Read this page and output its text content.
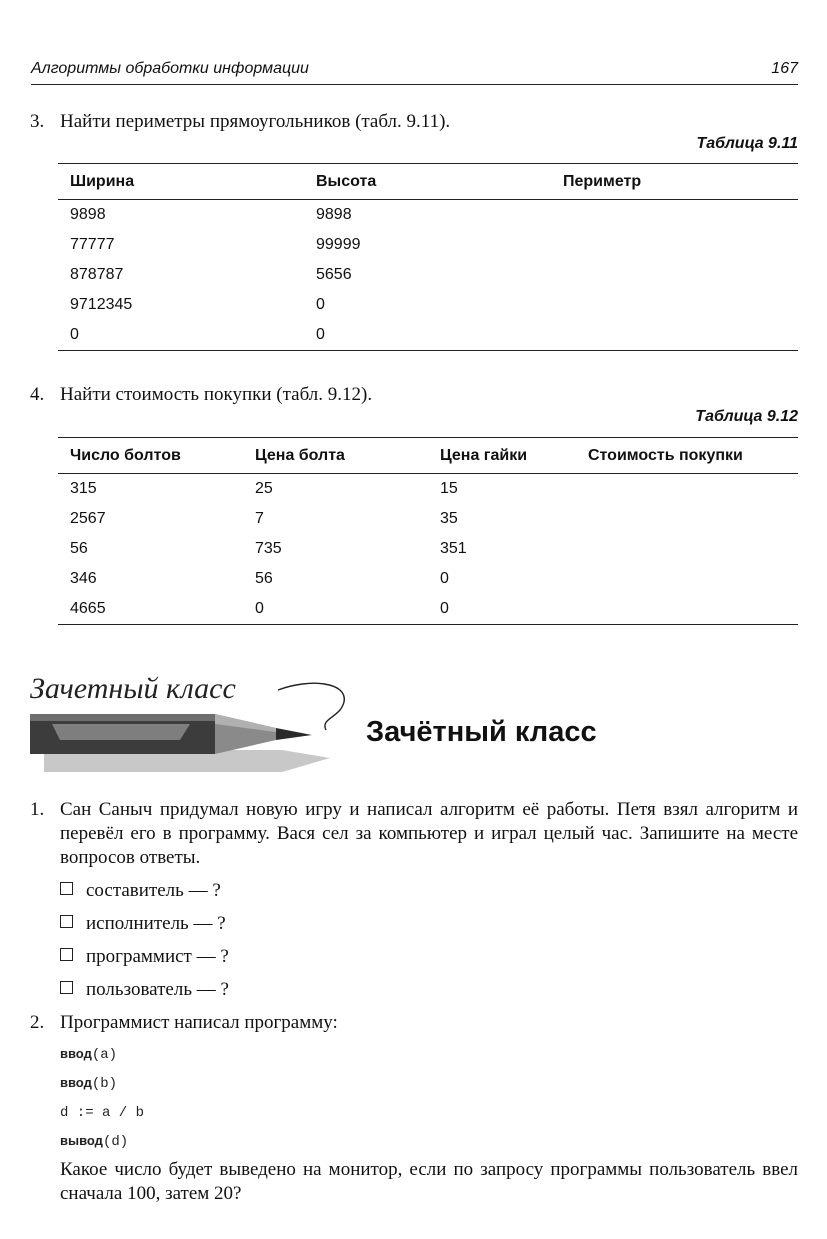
Алгоритмы обработки информации	167
3. Найти периметры прямоугольников (табл. 9.11).
Таблица 9.11
Ширина	Высота	Периметр
9898	9898	
77777	99999	
878787	5656	
9712345	0	
0	0	
4. Найти стоимость покупки (табл. 9.12).
Таблица 9.12
Число болтов	Цена болта	Цена гайки	Стоимость покупки
315	25	15	
2567	7	35	
56	735	351	
346	56	0	
4665	0	0	
Зачетный класс
Зачётный класс
1. Сан Саныч придумал новую игру и написал алгоритм её работы. Петя взял алгоритм и перевёл его в программу. Вася сел за компьютер и играл целый час. Запишите на месте вопросов ответы.
составитель — ?
исполнитель — ?
программист — ?
пользователь — ?
2. Программист написал программу:
ввод(a)
ввод(b)
d := a / b
вывод(d)
Какое число будет выведено на монитор, если по запросу программы пользователь ввел сначала 100, затем 20?
